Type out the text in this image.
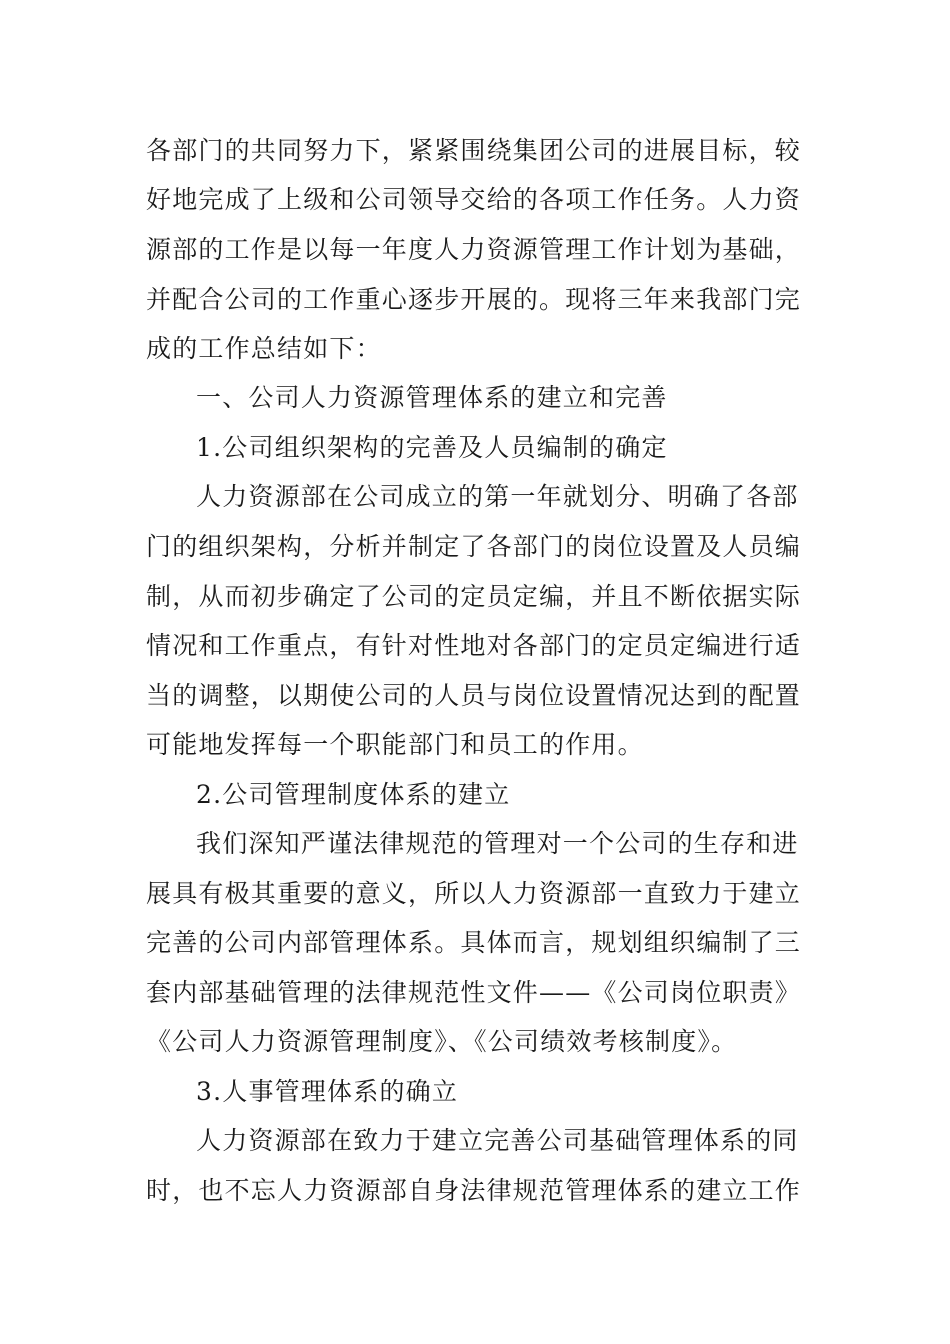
各部门的共同努力下，紧紧围绕集团公司的进展目标，较
好地完成了上级和公司领导交给的各项工作任务。人力资
源部的工作是以每一年度人力资源管理工作计划为基础，
并配合公司的工作重心逐步开展的。现将三年来我部门完
成的工作总结如下：
一、公司人力资源管理体系的建立和完善
1.公司组织架构的完善及人员编制的确定
人力资源部在公司成立的第一年就划分、明确了各部
门的组织架构，分析并制定了各部门的岗位设置及人员编
制，从而初步确定了公司的定员定编，并且不断依据实际
情况和工作重点，有针对性地对各部门的定员定编进行适
当的调整，以期使公司的人员与岗位设置情况达到的配置
可能地发挥每一个职能部门和员工的作用。
2.公司管理制度体系的建立
我们深知严谨法律规范的管理对一个公司的生存和进
展具有极其重要的意义，所以人力资源部一直致力于建立
完善的公司内部管理体系。具体而言，规划组织编制了三
套内部基础管理的法律规范性文件——《公司岗位职责》
《公司人力资源管理制度》、《公司绩效考核制度》。
3.人事管理体系的确立
人力资源部在致力于建立完善公司基础管理体系的同
时，也不忘人力资源部自身法律规范管理体系的建立工作
